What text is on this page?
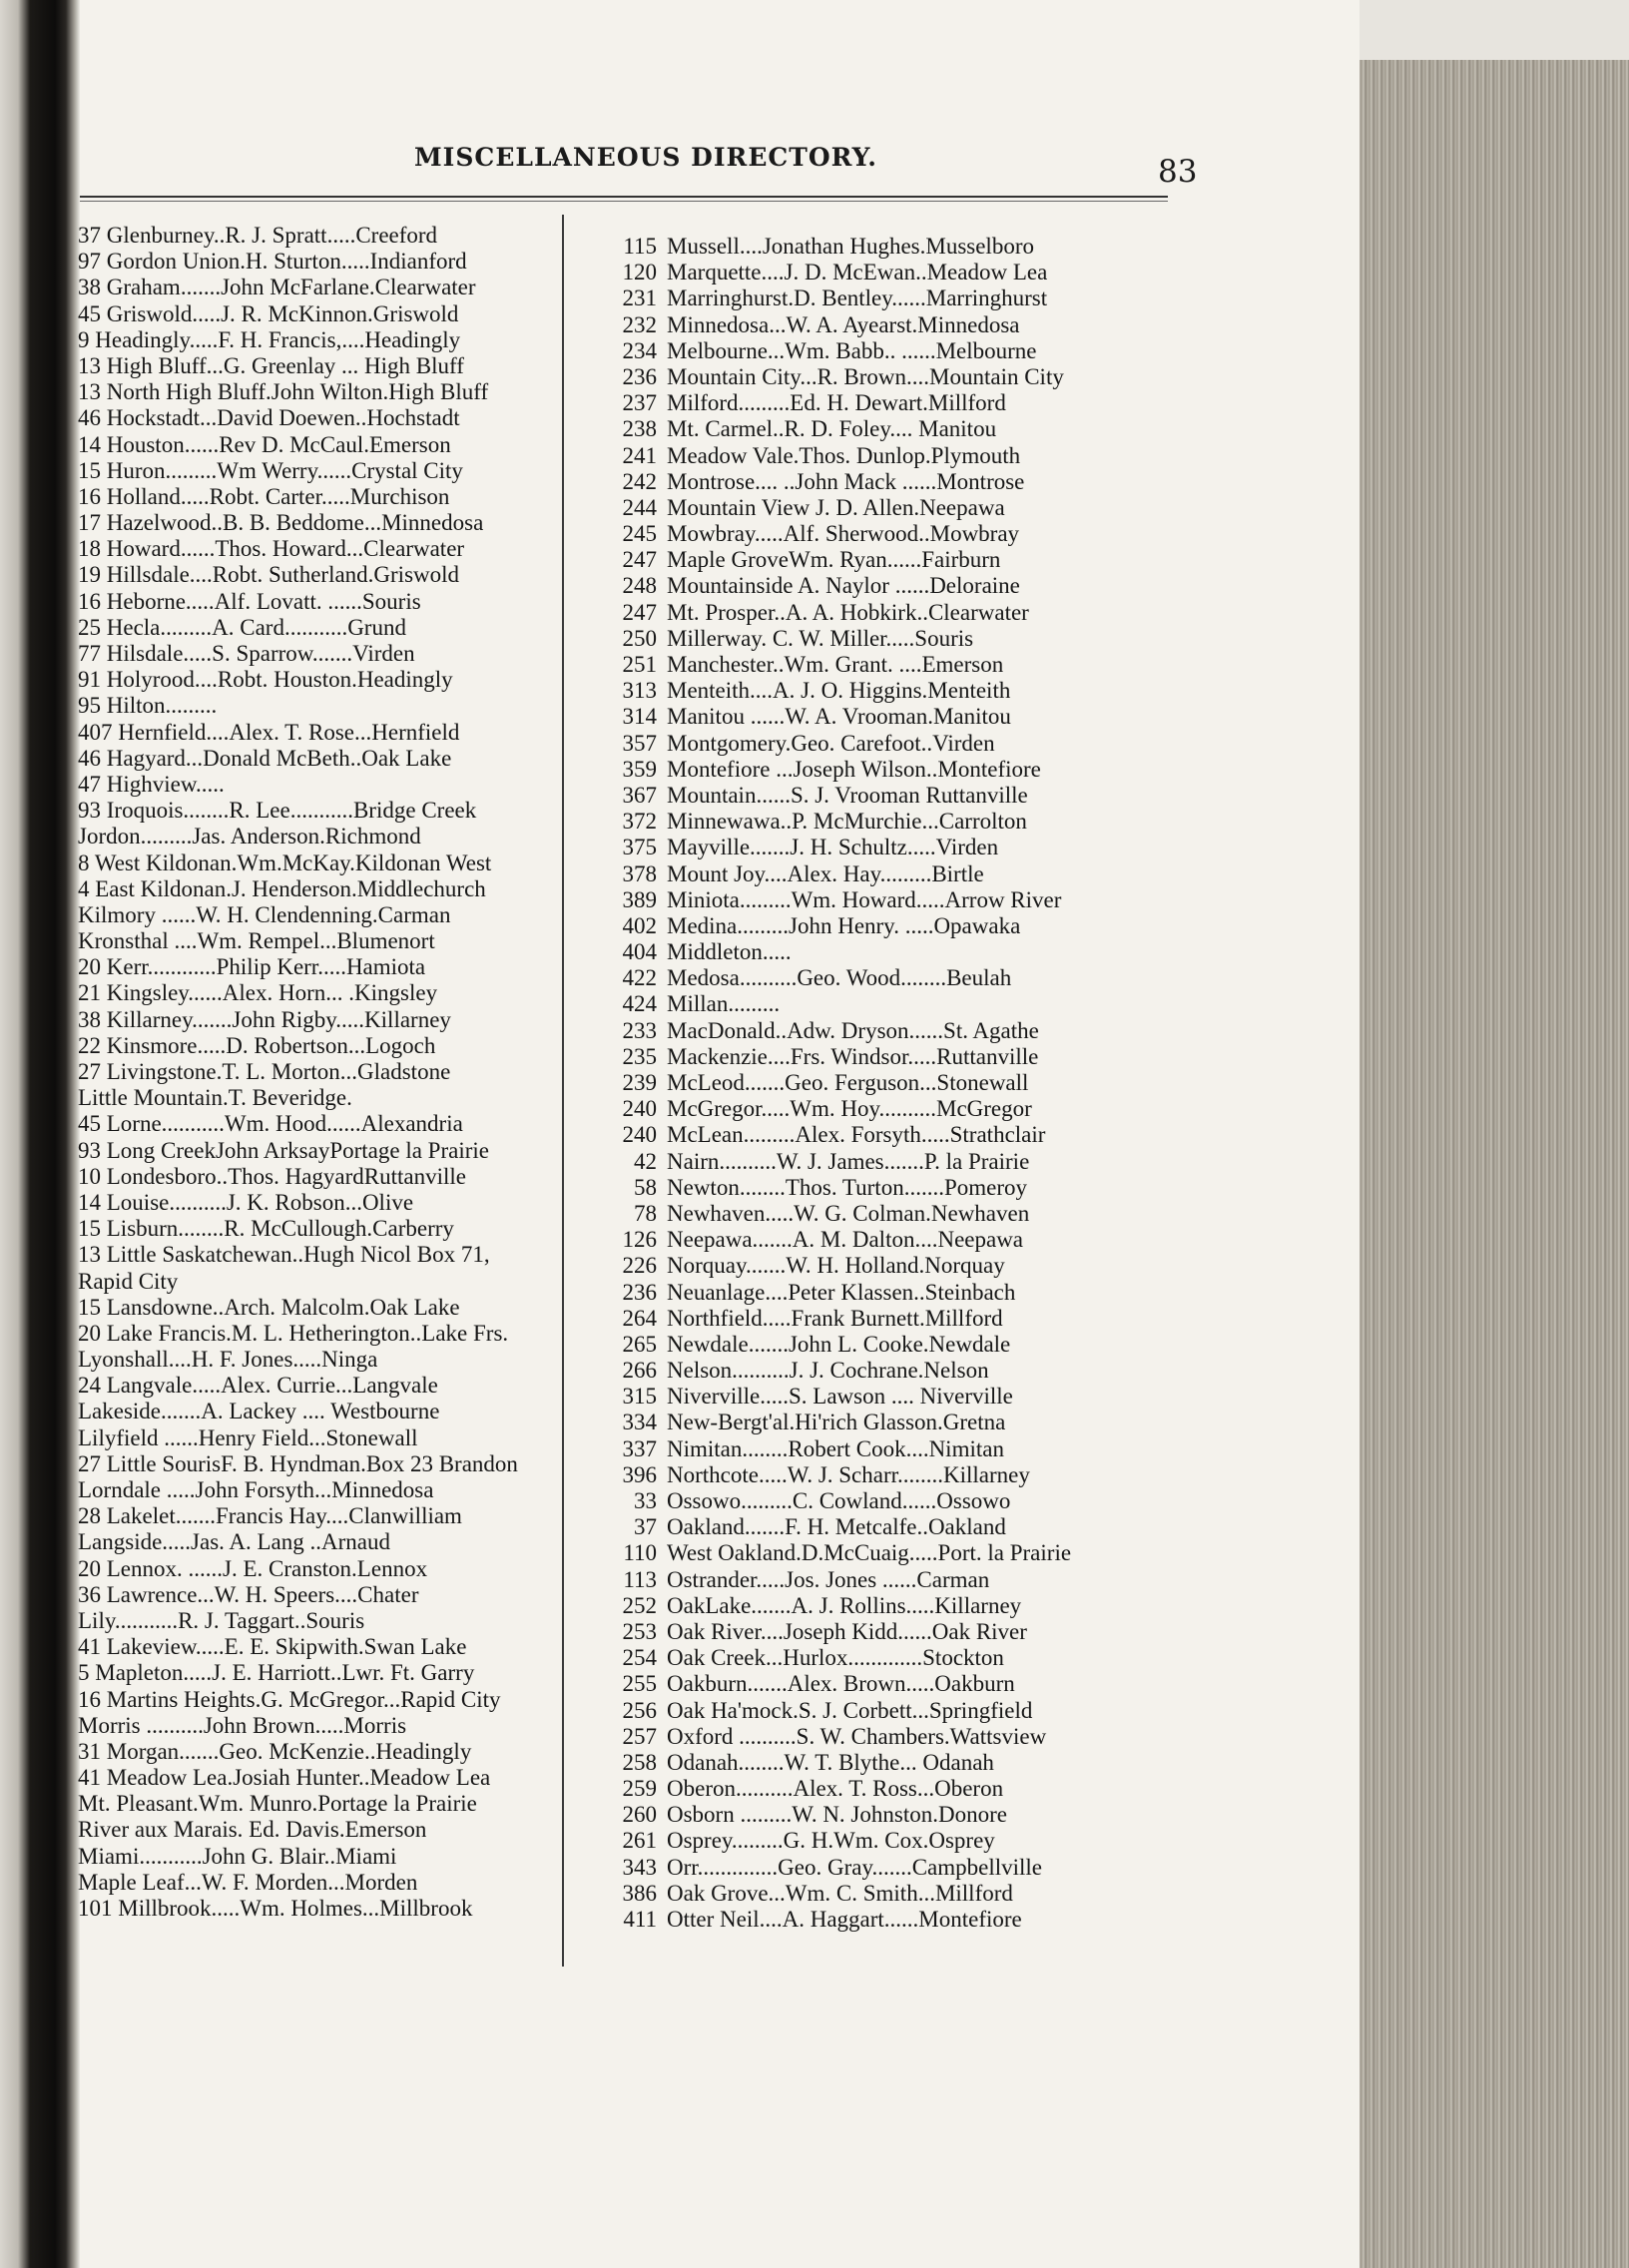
MISCELLANEOUS DIRECTORY.	83
37 Glenburney..R. J. Spratt.....Creeford
97 Gordon Union.H. Sturton.....Indianford
38 Graham.......John McFarlane.Clearwater
45 Griswold.....J. R. McKinnon.Griswold
9 Headingly.....F. H. Francis,....Headingly
13 High Bluff...G. Greenlay ... High Bluff
13 North High Bluff.John Wilton.High Bluff
46 Hockstadt...David Doewen..Hochstadt
14 Houston......Rev D. McCaul.Emerson
15 Huron.........Wm Werry......Crystal City
16 Holland.....Robt. Carter.....Murchison
17 Hazelwood..B. B. Beddome...Minnedosa
18 Howard......Thos. Howard...Clearwater
19 Hillsdale....Robt. Sutherland.Griswold
16 Heborne.....Alf. Lovatt. ......Souris
25 Hecla.........A. Card...........Grund
77 Hilsdale.....S. Sparrow.......Virden
91 Holyrood....Robt. Houston.Headingly
95 Hilton.........
407 Hernfield....Alex. T. Rose...Hernfield
46 Hagyard...Donald McBeth..Oak Lake
47 Highview.....
93 Iroquois........R. Lee...........Bridge Creek
Jordon.........Jas. Anderson.Richmond
8 West Kildonan.Wm.McKay.Kildonan West
4 East Kildonan.J. Henderson.Middlechurch
Kilmory ......W. H. Clendenning.Carman
Kronsthal ....Wm. Rempel...Blumenort
20 Kerr............Philip Kerr.....Hamiota
21 Kingsley......Alex. Horn... .Kingsley
38 Killarney.......John Rigby.....Killarney
22 Kinsmore.....D. Robertson...Logoch
27 Livingstone.T. L. Morton...Gladstone
Little Mountain.T. Beveridge.
45 Lorne...........Wm. Hood......Alexandria
93 Long CreekJohn ArksayPortage la Prairie
10 Londesboro..Thos. HagyardRuttanville
14 Louise..........J. K. Robson...Olive
15 Lisburn........R. McCullough.Carberry
13 Little Saskatchewan..Hugh Nicol Box 71,
Rapid City
15 Lansdowne..Arch. Malcolm.Oak Lake
20 Lake Francis.M. L. Hetherington..Lake Frs.
Lyonshall....H. F. Jones.....Ninga
24 Langvale.....Alex. Currie...Langvale
Lakeside.......A. Lackey .... Westbourne
Lilyfield ......Henry Field...Stonewall
27 Little SourisF. B. Hyndman.Box 23 Brandon
Lorndale .....John Forsyth...Minnedosa
28 Lakelet.......Francis Hay....Clanwilliam
Langside.....Jas. A. Lang ..Arnaud
20 Lennox. ......J. E. Cranston.Lennox
36 Lawrence...W. H. Speers....Chater
Lily...........R. J. Taggart..Souris
41 Lakeview.....E. E. Skipwith.Swan Lake
5 Mapleton.....J. E. Harriott..Lwr. Ft. Garry
16 Martins Heights.G. McGregor...Rapid City
Morris ..........John Brown.....Morris
31 Morgan.......Geo. McKenzie..Headingly
41 Meadow Lea.Josiah Hunter..Meadow Lea
Mt. Pleasant.Wm. Munro.Portage la Prairie
River aux Marais. Ed. Davis.Emerson
Miami...........John G. Blair..Miami
Maple Leaf...W. F. Morden...Morden
101 Millbrook.....Wm. Holmes...Millbrook
115 Mussell....Jonathan Hughes.Musselboro
120 Marquette....J. D. McEwan..Meadow Lea
231 Marringhurst.D. Bentley......Marringhurst
232 Minnedosa...W. A. Ayearst.Minnedosa
234 Melbourne...Wm. Babb.. ......Melbourne
236 Mountain City...R. Brown....Mountain City
237 Milford.........Ed. H. Dewart.Millford
238 Mt. Carmel..R. D. Foley.... Manitou
241 Meadow Vale.Thos. Dunlop.Plymouth
242 Montrose.... ..John Mack ......Montrose
244 Mountain View J. D. Allen.Neepawa
245 Mowbray.....Alf. Sherwood..Mowbray
247 Maple GroveWm. Ryan......Fairburn
248 Mountainside A. Naylor ......Deloraine
247 Mt. Prosper..A. A. Hobkirk..Clearwater
250 Millerway. C. W. Miller.....Souris
251 Manchester..Wm. Grant. ....Emerson
313 Menteith....A. J. O. Higgins.Menteith
314 Manitou ......W. A. Vrooman.Manitou
357 Montgomery.Geo. Carefoot..Virden
359 Montefiore ...Joseph Wilson..Montefiore
367 Mountain......S. J. Vrooman Ruttanville
372 Minnewawa..P. McMurchie...Carrolton
375 Mayville.......J. H. Schultz.....Virden
378 Mount Joy....Alex. Hay.........Birtle
389 Miniota.........Wm. Howard.....Arrow River
402 Medina.........John Henry. .....Opawaka
404 Middleton.....
422 Medosa..........Geo. Wood........Beulah
424 Millan.........
233 MacDonald..Adw. Dryson......St. Agathe
235 Mackenzie....Frs. Windsor.....Ruttanville
239 McLeod.......Geo. Ferguson...Stonewall
240 McGregor.....Wm. Hoy..........McGregor
240 McLean.........Alex. Forsyth.....Strathclair
42 Nairn..........W. J. James.......P. la Prairie
58 Newton........Thos. Turton.......Pomeroy
78 Newhaven.....W. G. Colman.Newhaven
126 Neepawa.......A. M. Dalton....Neepawa
226 Norquay.......W. H. Holland.Norquay
236 Neuanlage....Peter Klassen..Steinbach
264 Northfield.....Frank Burnett.Millford
265 Newdale.......John L. Cooke.Newdale
266 Nelson..........J. J. Cochrane.Nelson
315 Niverville.....S. Lawson .... Niverville
334 New-Bergt'al.Hi'rich Glasson.Gretna
337 Nimitan........Robert Cook....Nimitan
396 Northcote.....W. J. Scharr........Killarney
33 Ossowo.........C. Cowland......Ossowo
37 Oakland.......F. H. Metcalfe..Oakland
110 West Oakland.D.McCuaig.....Port. la Prairie
113 Ostrander.....Jos. Jones ......Carman
252 OakLake.......A. J. Rollins.....Killarney
253 Oak River....Joseph Kidd......Oak River
254 Oak Creek...Hurlox.............Stockton
255 Oakburn.......Alex. Brown.....Oakburn
256 Oak Ha'mock.S. J. Corbett...Springfield
257 Oxford ..........S. W. Chambers.Wattsview
258 Odanah........W. T. Blythe... Odanah
259 Oberon..........Alex. T. Ross...Oberon
260 Osborn .........W. N. Johnston.Donore
261 Osprey.........G. H.Wm. Cox.Osprey
343 Orr..............Geo. Gray.......Campbellville
386 Oak Grove...Wm. C. Smith...Millford
411 Otter Neil....A. Haggart......Montefiore
